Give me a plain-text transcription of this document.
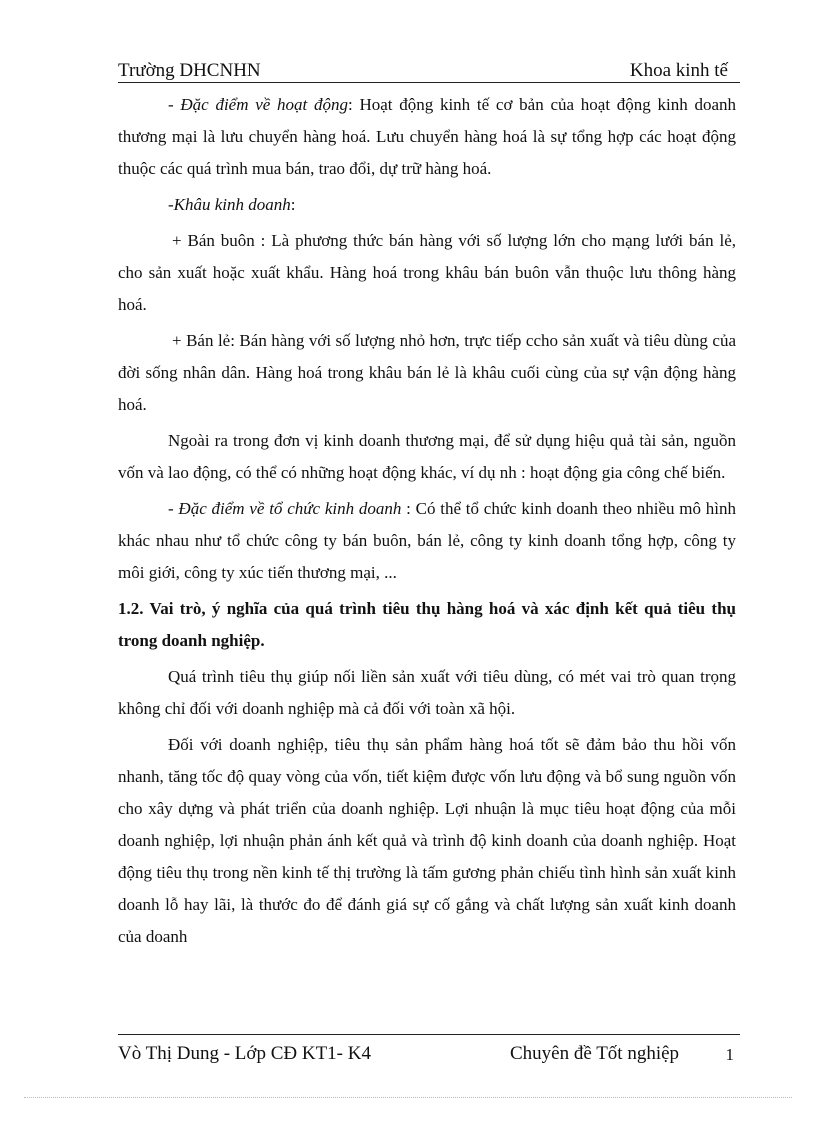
Trường DHCNHN	Khoa kinh tế

- Đặc điểm về hoạt động: Hoạt động kinh tế cơ bản của hoạt động kinh doanh thương mại là lưu chuyển hàng hoá. Lưu chuyển hàng hoá là sự tổng hợp các hoạt động thuộc các quá trình mua bán, trao đổi, dự trữ hàng hoá.

-Khâu kinh doanh:

+ Bán buôn : Là phương thức bán hàng với số lượng lớn cho mạng lưới bán lẻ, cho sản xuất hoặc xuất khẩu. Hàng hoá trong khâu bán buôn vẫn thuộc lưu thông hàng hoá.

+ Bán lẻ: Bán hàng với số lượng nhỏ hơn, trực tiếp ccho sản xuất và tiêu dùng của đời sống nhân dân. Hàng hoá trong khâu bán lẻ là khâu cuối cùng của sự vận động hàng hoá.

Ngoài ra trong đơn vị kinh doanh thương mại, để sử dụng hiệu quả tài sản, nguồn vốn và lao động, có thể có những hoạt động khác, ví dụ nh : hoạt động gia công chế biến.

- Đặc điểm về tổ chức kinh doanh : Có thể tổ chức kinh doanh theo nhiều mô hình khác nhau như tổ chức công ty bán buôn, bán lẻ, công ty kinh doanh tổng hợp, công ty môi giới, công ty xúc tiến thương mại, ...

1.2. Vai trò, ý nghĩa của quá trình tiêu thụ hàng hoá và xác định kết quả tiêu thụ trong doanh nghiệp.

Quá trình tiêu thụ giúp nối liền sản xuất với tiêu dùng, có mét vai trò quan trọng không chỉ đối với doanh nghiệp mà cả đối với toàn xã hội.

Đối với doanh nghiệp, tiêu thụ sản phẩm hàng hoá tốt sẽ đảm bảo thu hồi vốn nhanh, tăng tốc độ quay vòng của vốn, tiết kiệm được vốn lưu động và bổ sung nguồn vốn cho xây dựng và phát triển của doanh nghiệp. Lợi nhuận là mục tiêu hoạt động của mỗi doanh nghiệp, lợi nhuận phản ánh kết quả và trình độ kinh doanh của doanh nghiệp. Hoạt động tiêu thụ trong nền kinh tế thị trường là tấm gương phản chiếu tình hình sản xuất kinh doanh lỗ hay lãi, là thước đo để đánh giá sự cố gắng và chất lượng sản xuất kinh doanh của doanh

Vò Thị Dung - Lớp CĐ KT1- K4	Chuyên đề Tốt nghiệp	1
